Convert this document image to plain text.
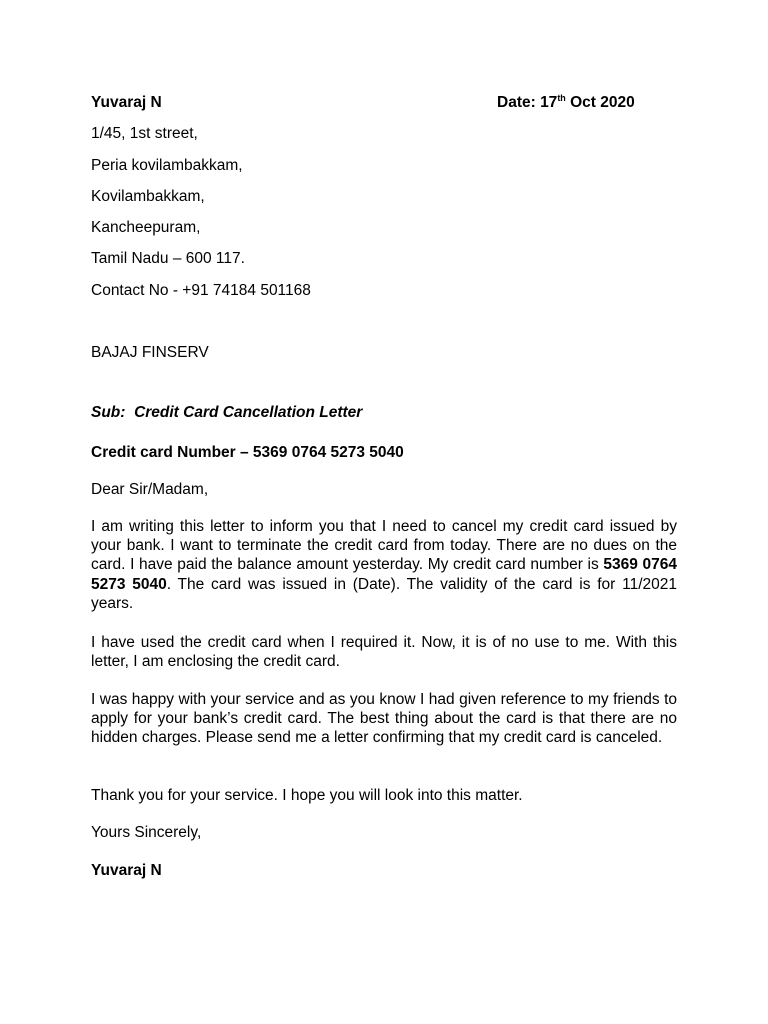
Yuvaraj N	Date: 17th Oct 2020
1/45, 1st street,
Peria kovilambakkam,
Kovilambakkam,
Kancheepuram,
Tamil Nadu – 600 117.
Contact No - +91 74184 501168
BAJAJ FINSERV
Sub: Credit Card Cancellation Letter
Credit card Number – 5369 0764 5273 5040
Dear Sir/Madam,
I am writing this letter to inform you that I need to cancel my credit card issued by your bank. I want to terminate the credit card from today. There are no dues on the card. I have paid the balance amount yesterday. My credit card number is 5369 0764 5273 5040. The card was issued in (Date). The validity of the card is for 11/2021 years.
I have used the credit card when I required it. Now, it is of no use to me. With this letter, I am enclosing the credit card.
I was happy with your service and as you know I had given reference to my friends to apply for your bank’s credit card. The best thing about the card is that there are no hidden charges. Please send me a letter confirming that my credit card is canceled.
Thank you for your service. I hope you will look into this matter.
Yours Sincerely,
Yuvaraj N
